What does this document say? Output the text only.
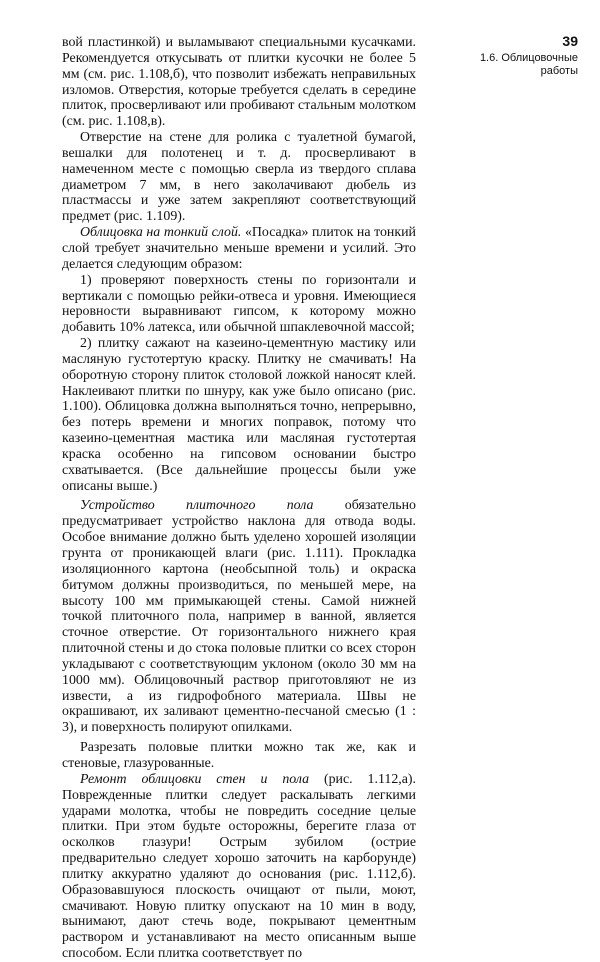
39
1.6. Облицовочные работы

вой пластинкой) и выламывают специальными кусачками. Рекомендуется откусывать от плитки кусочки не более 5 мм (см. рис. 1.108,б), что позволит избежать неправильных изломов. Отверстия, которые требуется сделать в середине плиток, просверливают или пробивают стальным молотком (см. рис. 1.108,в).

Отверстие на стене для ролика с туалетной бумагой, вешалки для полотенец и т. д. просверливают в намеченном месте с помощью сверла из твердого сплава диаметром 7 мм, в него заколачивают дюбель из пластмассы и уже затем закрепляют соответствующий предмет (рис. 1.109).

Облицовка на тонкий слой. «Посадка» плиток на тонкий слой требует значительно меньше времени и усилий. Это делается следующим образом:

1) проверяют поверхность стены по горизонтали и вертикали с помощью рейки-отвеса и уровня. Имеющиеся неровности выравнивают гипсом, к которому можно добавить 10% латекса, или обычной шпаклевочной массой;

2) плитку сажают на казеино-цементную мастику или масляную густотертую краску. Плитку не смачивать! На оборотную сторону плиток столовой ложкой наносят клей. Наклеивают плитки по шнуру, как уже было описано (рис. 1.100). Облицовка должна выполняться точно, непрерывно, без потерь времени и многих поправок, потому что казеино-цементная мастика или масляная густотертая краска особенно на гипсовом основании быстро схватывается. (Все дальнейшие процессы были уже описаны выше.)

Устройство плиточного пола обязательно предусматривает устройство наклона для отвода воды. Особое внимание должно быть уделено хорошей изоляции грунта от проникающей влаги (рис. 1.111). Прокладка изоляционного картона (необсыпной толь) и окраска битумом должны производиться, по меньшей мере, на высоту 100 мм примыкающей стены. Самой нижней точкой плиточного пола, например в ванной, является сточное отверстие. От горизонтального нижнего края плиточной стены и до стока половые плитки со всех сторон укладывают с соответствующим уклоном (около 30 мм на 1000 мм). Облицовочный раствор приготовляют не из извести, а из гидрофобного материала. Швы не окрашивают, их заливают цементно-песчаной смесью (1 : 3), и поверхность полируют опилками.

Разрезать половые плитки можно так же, как и стеновые, глазурованные.

Ремонт облицовки стен и пола (рис. 1.112,а). Поврежденные плитки следует раскалывать легкими ударами молотка, чтобы не повредить соседние целые плитки. При этом будьте осторожны, берегите глаза от осколков глазури! Острым зубилом (острие предварительно следует хорошо заточить на карборунде) плитку аккуратно удаляют до основания (рис. 1.112,б). Образовавшуюся плоскость очищают от пыли, моют, смачивают. Новую плитку опускают на 10 мин в воду, вынимают, дают стечь воде, покрывают цементным раствором и устанавливают на место описанным выше способом. Если плитка соответствует по
